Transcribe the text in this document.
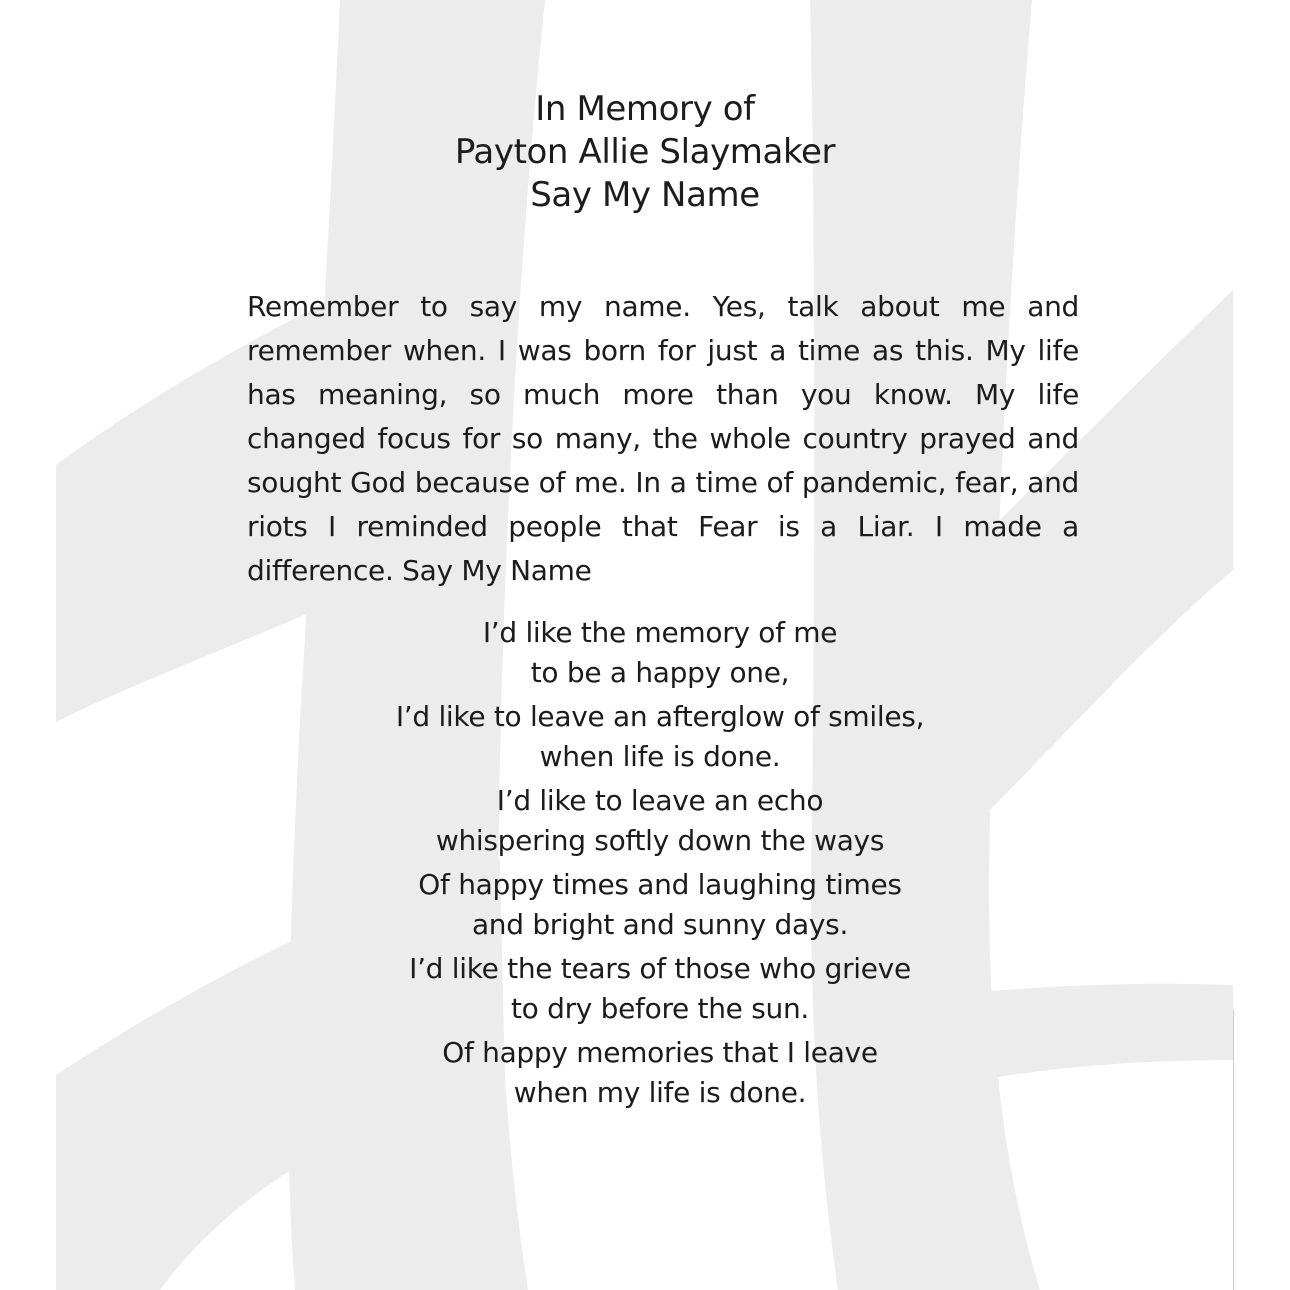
In Memory of
Payton Allie Slaymaker
Say My Name

Remember to say my name. Yes, talk about me and remember when. I was born for just a time as this. My life has meaning, so much more than you know. My life changed focus for so many, the whole country prayed and sought God because of me. In a time of pandemic, fear, and riots I reminded people that Fear is a Liar. I made a difference. Say My Name

I’d like the memory of me
to be a happy one,
I’d like to leave an afterglow of smiles,
when life is done.
I’d like to leave an echo
whispering softly down the ways
Of happy times and laughing times
and bright and sunny days.
I’d like the tears of those who grieve
to dry before the sun.
Of happy memories that I leave
when my life is done.
